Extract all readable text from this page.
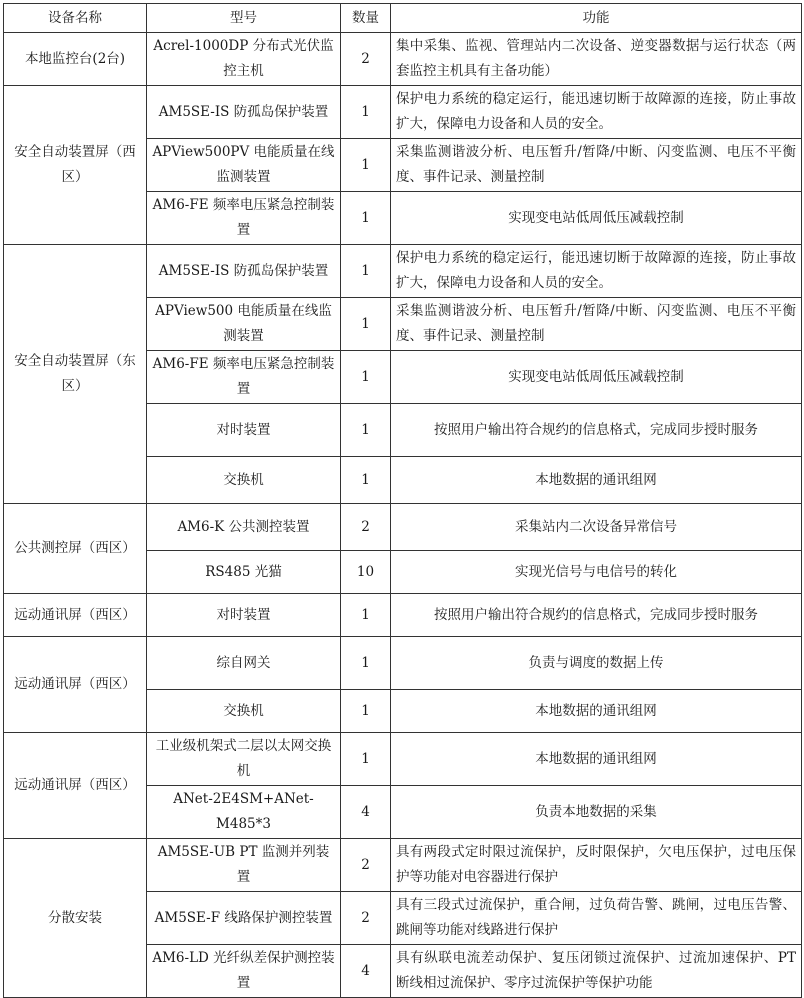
设备名称	型号	数量	功能
本地监控台(2台)	Acrel-1000DP 分布式光伏监控主机	2	集中采集、监视、管理站内二次设备、逆变器数据与运行状态（两套监控主机具有主备功能）
安全自动装置屏（西区）	AM5SE-IS 防孤岛保护装置	1	保护电力系统的稳定运行，能迅速切断于故障源的连接，防止事故扩大，保障电力设备和人员的安全。
	APView500PV 电能质量在线监测装置	1	采集监测谐波分析、电压暂升/暂降/中断、闪变监测、电压不平衡度、事件记录、测量控制
	AM6-FE 频率电压紧急控制装置	1	实现变电站低周低压减载控制
安全自动装置屏（东区）	AM5SE-IS 防孤岛保护装置	1	保护电力系统的稳定运行，能迅速切断于故障源的连接，防止事故扩大，保障电力设备和人员的安全。
	APView500 电能质量在线监测装置	1	采集监测谐波分析、电压暂升/暂降/中断、闪变监测、电压不平衡度、事件记录、测量控制
	AM6-FE 频率电压紧急控制装置	1	实现变电站低周低压减载控制
	对时装置	1	按照用户输出符合规约的信息格式，完成同步授时服务
	交换机	1	本地数据的通讯组网
公共测控屏（西区）	AM6-K 公共测控装置	2	采集站内二次设备异常信号
	RS485 光猫	10	实现光信号与电信号的转化
远动通讯屏（西区）	对时装置	1	按照用户输出符合规约的信息格式，完成同步授时服务
远动通讯屏（西区）	综自网关	1	负责与调度的数据上传
	交换机	1	本地数据的通讯组网
远动通讯屏（西区）	工业级机架式二层以太网交换机	1	本地数据的通讯组网
	ANet-2E4SM+ANet-M485*3	4	负责本地数据的采集
分散安装	AM5SE-UB PT 监测并列装置	2	具有两段式定时限过流保护，反时限保护，欠电压保护，过电压保护等功能对电容器进行保护
	AM5SE-F 线路保护测控装置	2	具有三段式过流保护，重合闸，过负荷告警、跳闸，过电压告警、跳闸等功能对线路进行保护
	AM6-LD 光纤纵差保护测控装置	4	具有纵联电流差动保护、复压闭锁过流保护、过流加速保护、PT 断线相过流保护、零序过流保护等保护功能
